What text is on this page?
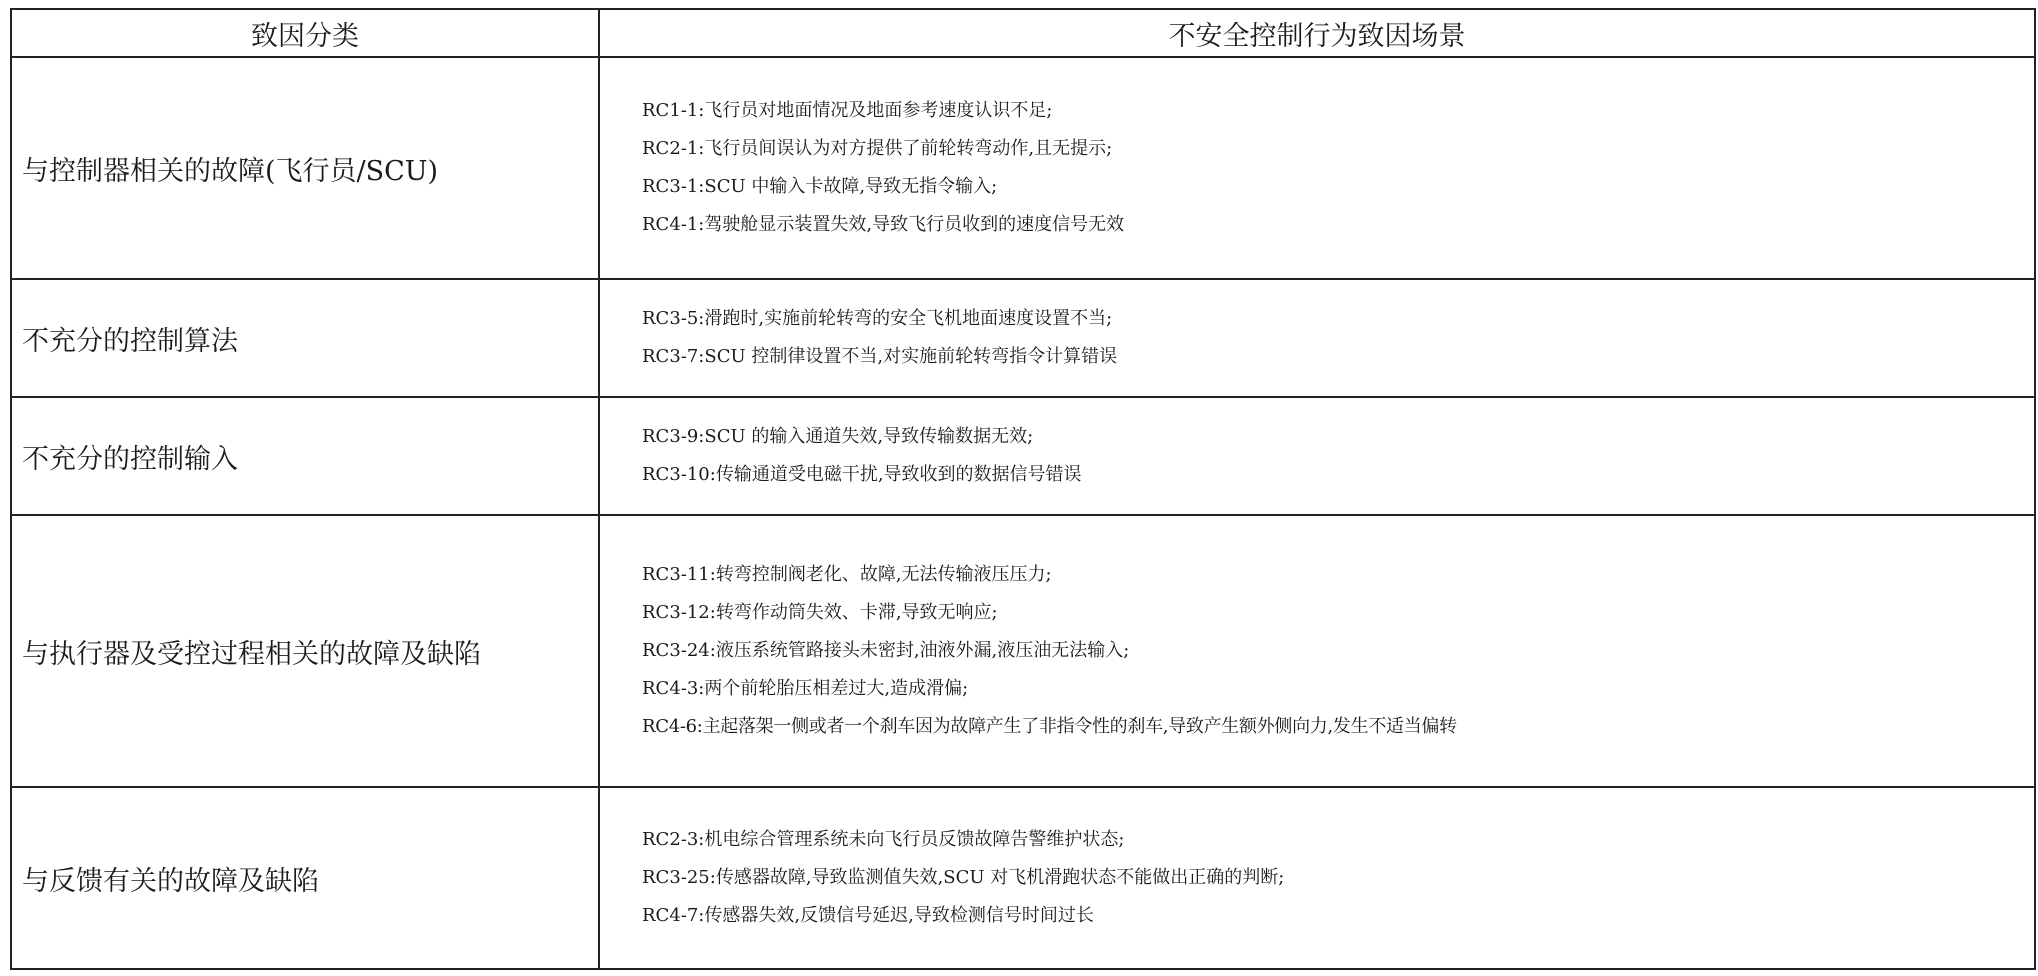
致因分类	不安全控制行为致因场景
与控制器相关的故障(飞行员/SCU)	RC1-1:飞行员对地面情况及地面参考速度认识不足;
RC2-1:飞行员间误认为对方提供了前轮转弯动作,且无提示;
RC3-1:SCU 中输入卡故障,导致无指令输入;
RC4-1:驾驶舱显示装置失效,导致飞行员收到的速度信号无效

不充分的控制算法	RC3-5:滑跑时,实施前轮转弯的安全飞机地面速度设置不当;
RC3-7:SCU 控制律设置不当,对实施前轮转弯指令计算错误

不充分的控制输入	RC3-9:SCU 的输入通道失效,导致传输数据无效;
RC3-10:传输通道受电磁干扰,导致收到的数据信号错误

与执行器及受控过程相关的故障及缺陷	RC3-11:转弯控制阀老化、故障,无法传输液压压力;
RC3-12:转弯作动筒失效、卡滞,导致无响应;
RC3-24:液压系统管路接头未密封,油液外漏,液压油无法输入;
RC4-3:两个前轮胎压相差过大,造成滑偏;
RC4-6:主起落架一侧或者一个刹车因为故障产生了非指令性的刹车,导致产生额外侧向力,发生不适当偏转

与反馈有关的故障及缺陷	RC2-3:机电综合管理系统未向飞行员反馈故障告警维护状态;
RC3-25:传感器故障,导致监测值失效,SCU 对飞机滑跑状态不能做出正确的判断;
RC4-7:传感器失效,反馈信号延迟,导致检测信号时间过长
